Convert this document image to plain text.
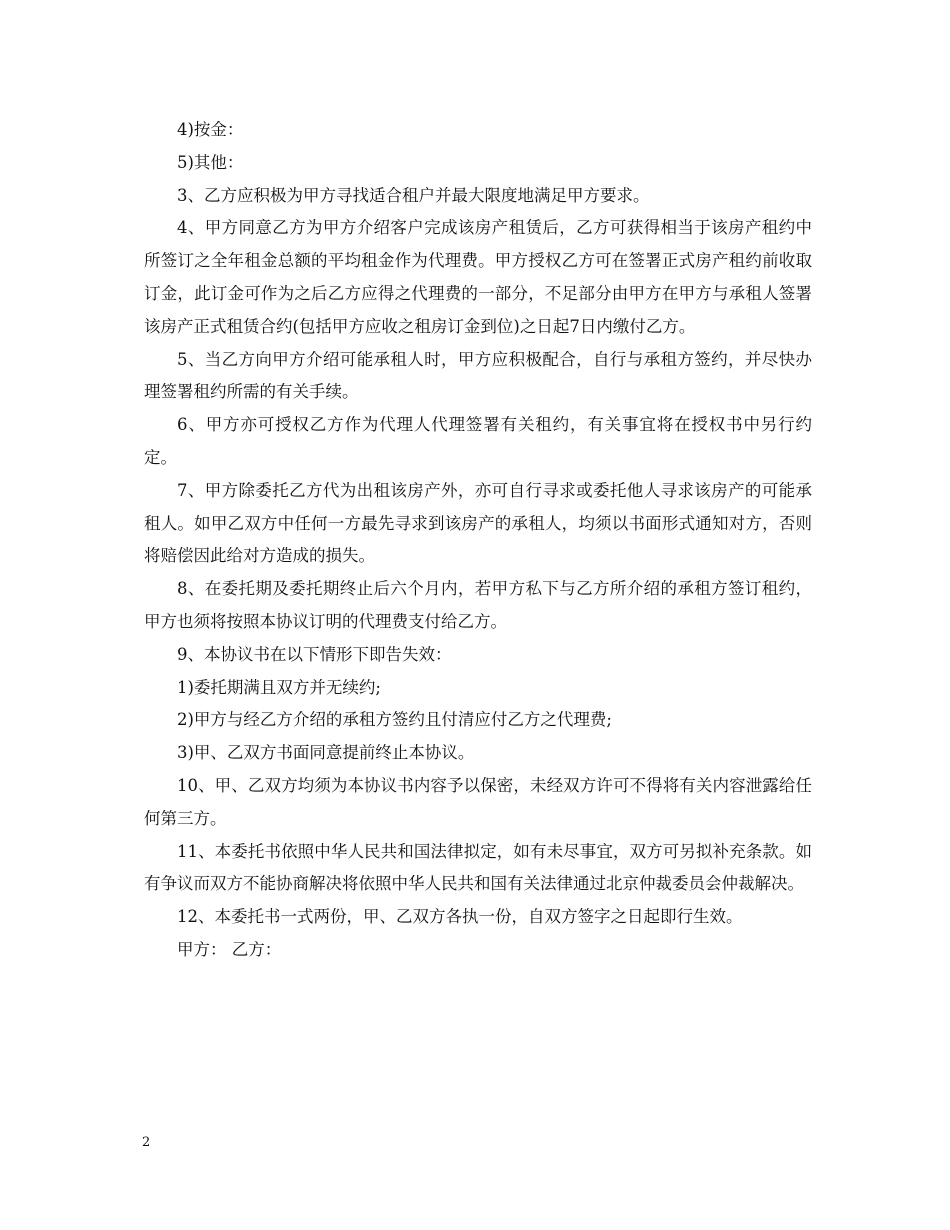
4)按金：

5)其他：

3、乙方应积极为甲方寻找适合租户并最大限度地满足甲方要求。

4、甲方同意乙方为甲方介绍客户完成该房产租赁后，乙方可获得相当于该房产租约中所签订之全年租金总额的平均租金作为代理费。甲方授权乙方可在签署正式房产租约前收取订金，此订金可作为之后乙方应得之代理费的一部分，不足部分由甲方在甲方与承租人签署该房产正式租赁合约(包括甲方应收之租房订金到位)之日起7日内缴付乙方。

5、当乙方向甲方介绍可能承租人时，甲方应积极配合，自行与承租方签约，并尽快办理签署租约所需的有关手续。

6、甲方亦可授权乙方作为代理人代理签署有关租约，有关事宜将在授权书中另行约定。

7、甲方除委托乙方代为出租该房产外，亦可自行寻求或委托他人寻求该房产的可能承租人。如甲乙双方中任何一方最先寻求到该房产的承租人，均须以书面形式通知对方，否则将赔偿因此给对方造成的损失。

8、在委托期及委托期终止后六个月内，若甲方私下与乙方所介绍的承租方签订租约，甲方也须将按照本协议订明的代理费支付给乙方。

9、本协议书在以下情形下即告失效：

1)委托期满且双方并无续约;

2)甲方与经乙方介绍的承租方签约且付清应付乙方之代理费;

3)甲、乙双方书面同意提前终止本协议。

10、甲、乙双方均须为本协议书内容予以保密，未经双方许可不得将有关内容泄露给任何第三方。

11、本委托书依照中华人民共和国法律拟定，如有未尽事宜，双方可另拟补充条款。如有争议而双方不能协商解决将依照中华人民共和国有关法律通过北京仲裁委员会仲裁解决。

12、本委托书一式两份，甲、乙双方各执一份，自双方签字之日起即行生效。

甲方： 乙方：

2
